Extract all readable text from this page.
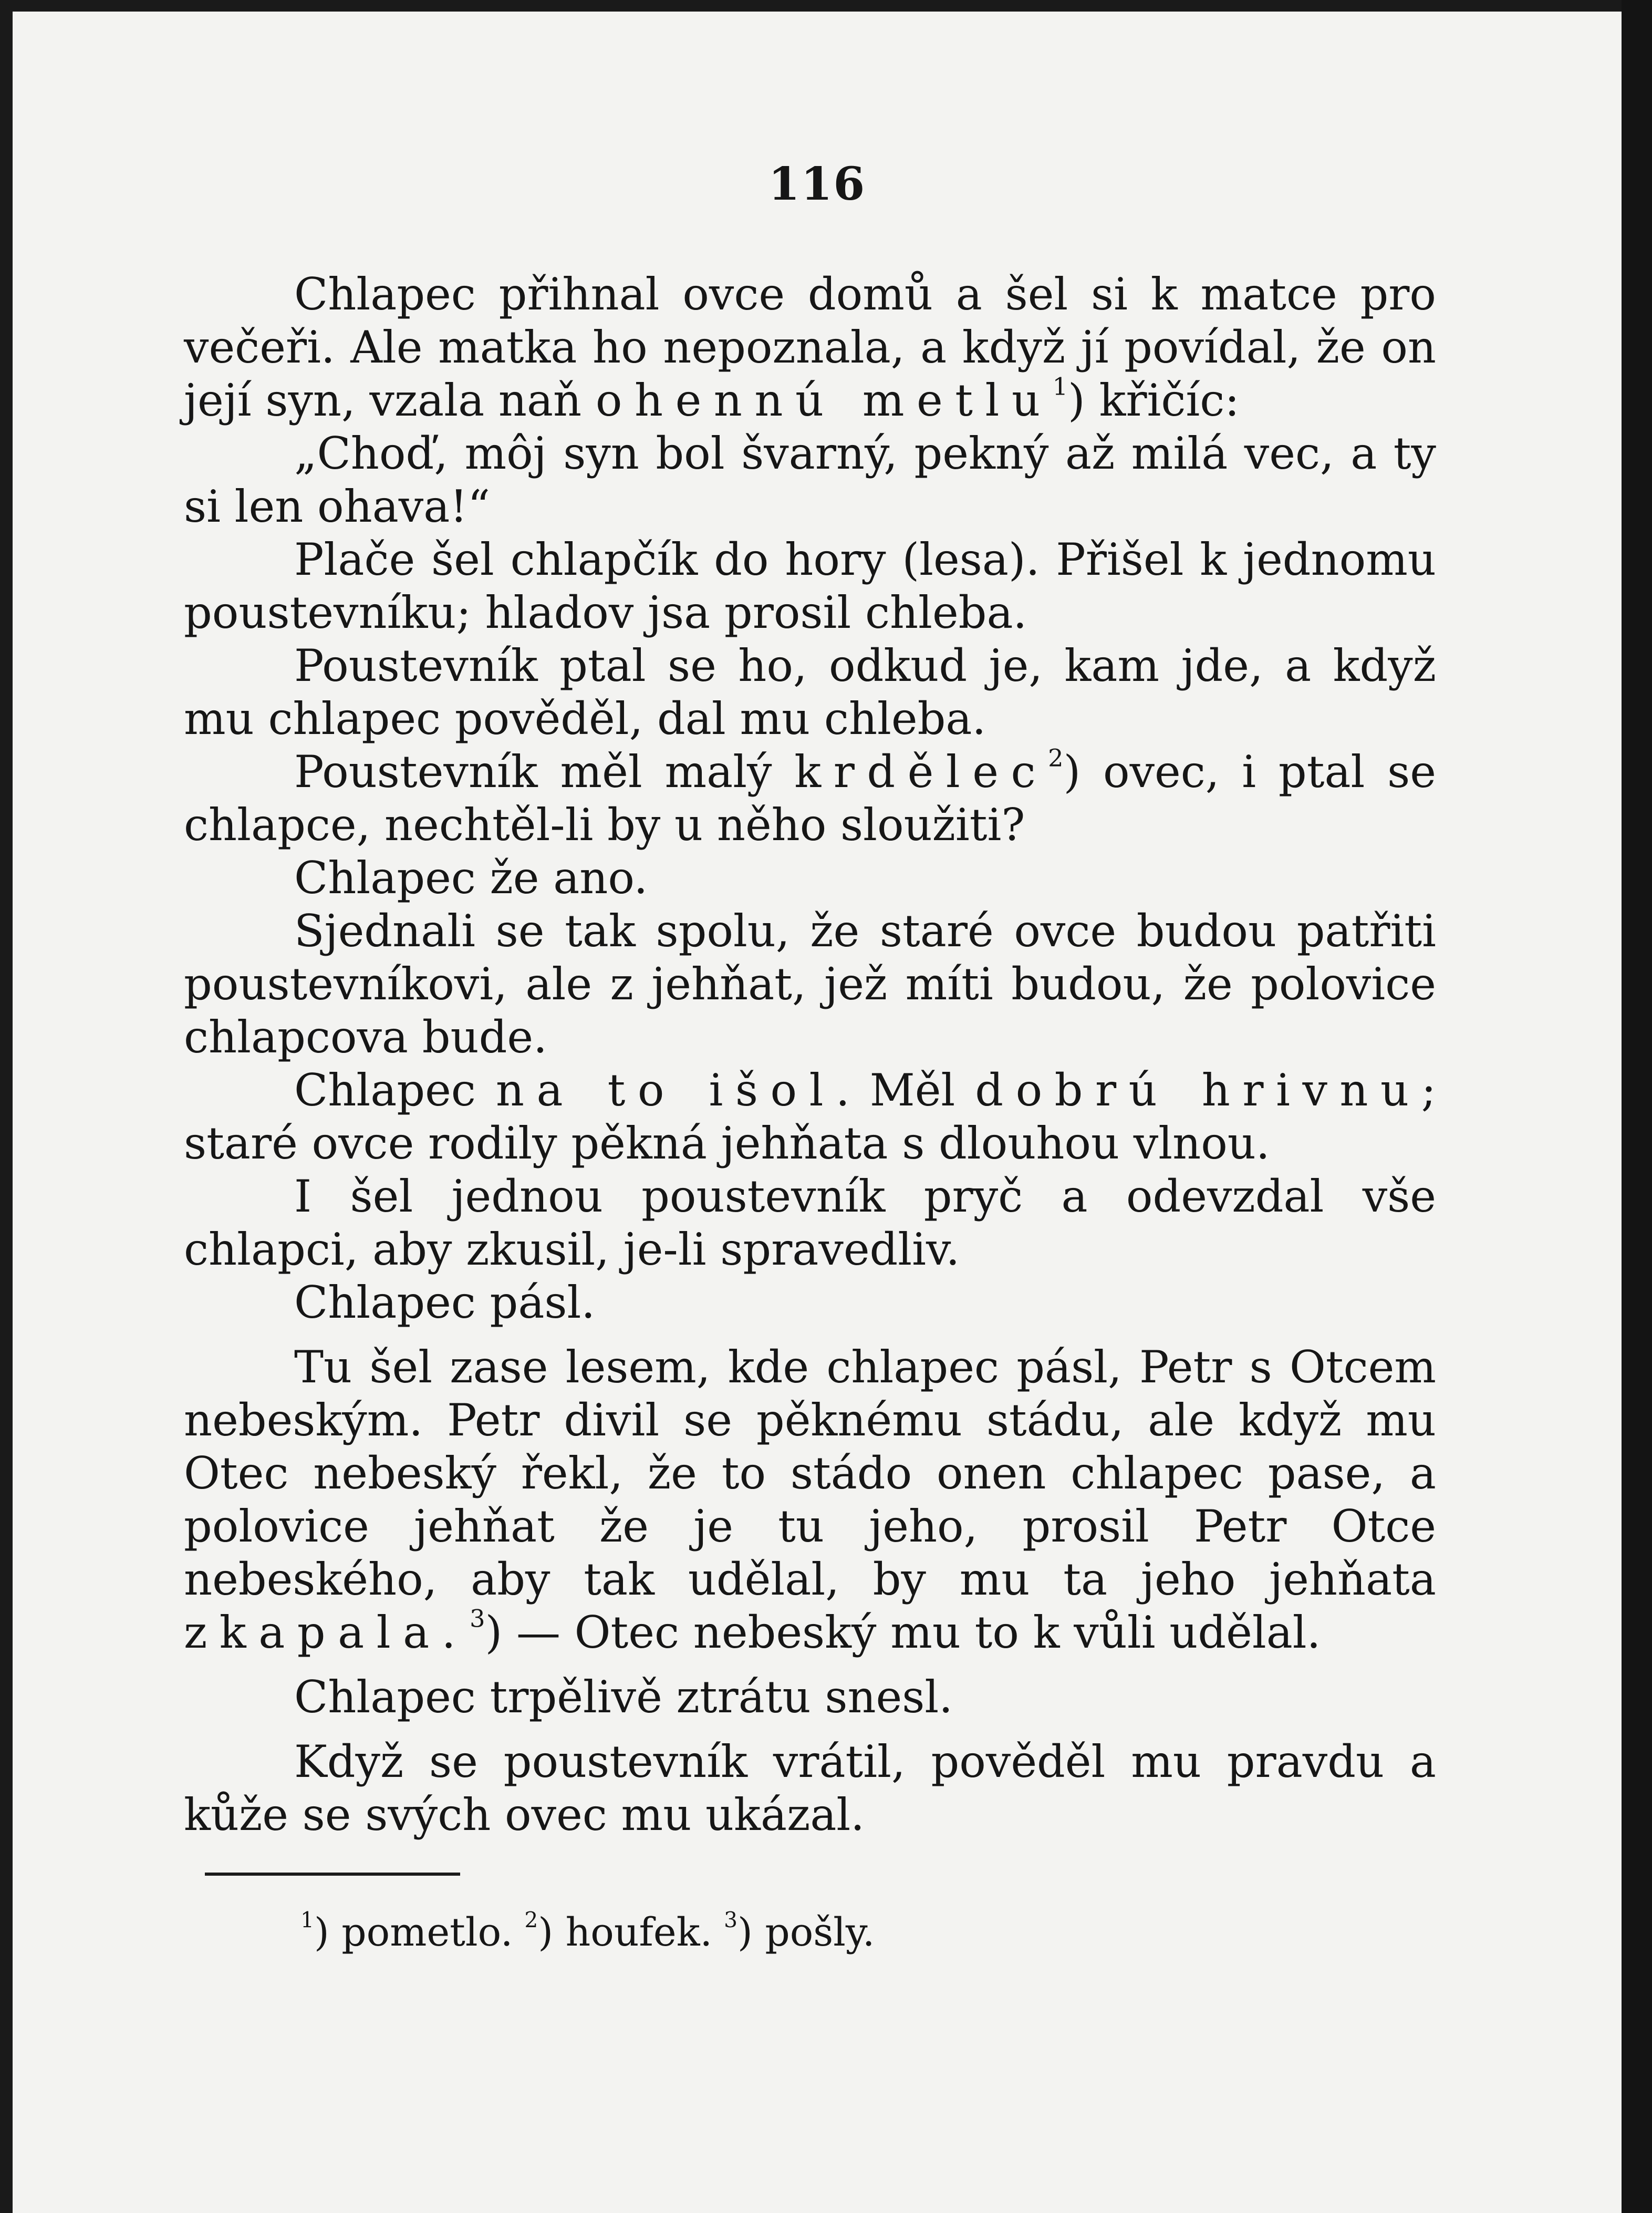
116

Chlapec přihnal ovce domů a šel si k matce pro večeři. Ale matka ho nepoznala, a když jí povídal, že on její syn, vzala naň ohennú metlu$^1$) křičíc:

„Choď, môj syn bol švarný, pekný až milá vec, a ty si len ohava!“

Plače šel chlapčík do hory (lesa). Přišel k jednomu poustevníku; hladov jsa prosil chleba.

Poustevník ptal se ho, odkud je, kam jde, a když mu chlapec pověděl, dal mu chleba.

Poustevník měl malý krdělec$^2$) ovec, i ptal se chlapce, nechtěl-li by u něho sloužiti?

Chlapec že ano.

Sjednali se tak spolu, že staré ovce budou patřiti poustevníkovi, ale z jehňat, jež míti budou, že polovice chlapcova bude.

Chlapec na to išol. Měl dobrú hrivnu; staré ovce rodily pěkná jehňata s dlouhou vlnou.

I šel jednou poustevník pryč a odevzdal vše chlapci, aby zkusil, je-li spravedliv.

Chlapec pásl.

Tu šel zase lesem, kde chlapec pásl, Petr s Otcem nebeským. Petr divil se pěknému stádu, ale když mu Otec nebeský řekl, že to stádo onen chlapec pase, a polovice jehňat že je tu jeho, prosil Petr Otce nebeského, aby tak udělal, by mu ta jeho jehňata zkapala. $^3$) — Otec nebeský mu to k vůli udělal.

Chlapec trpělivě ztrátu snesl.

Když se poustevník vrátil, pověděl mu pravdu a kůže se svých ovec mu ukázal.

$^1$) pometlo. $^2$) houfek. $^3$) pošly.
